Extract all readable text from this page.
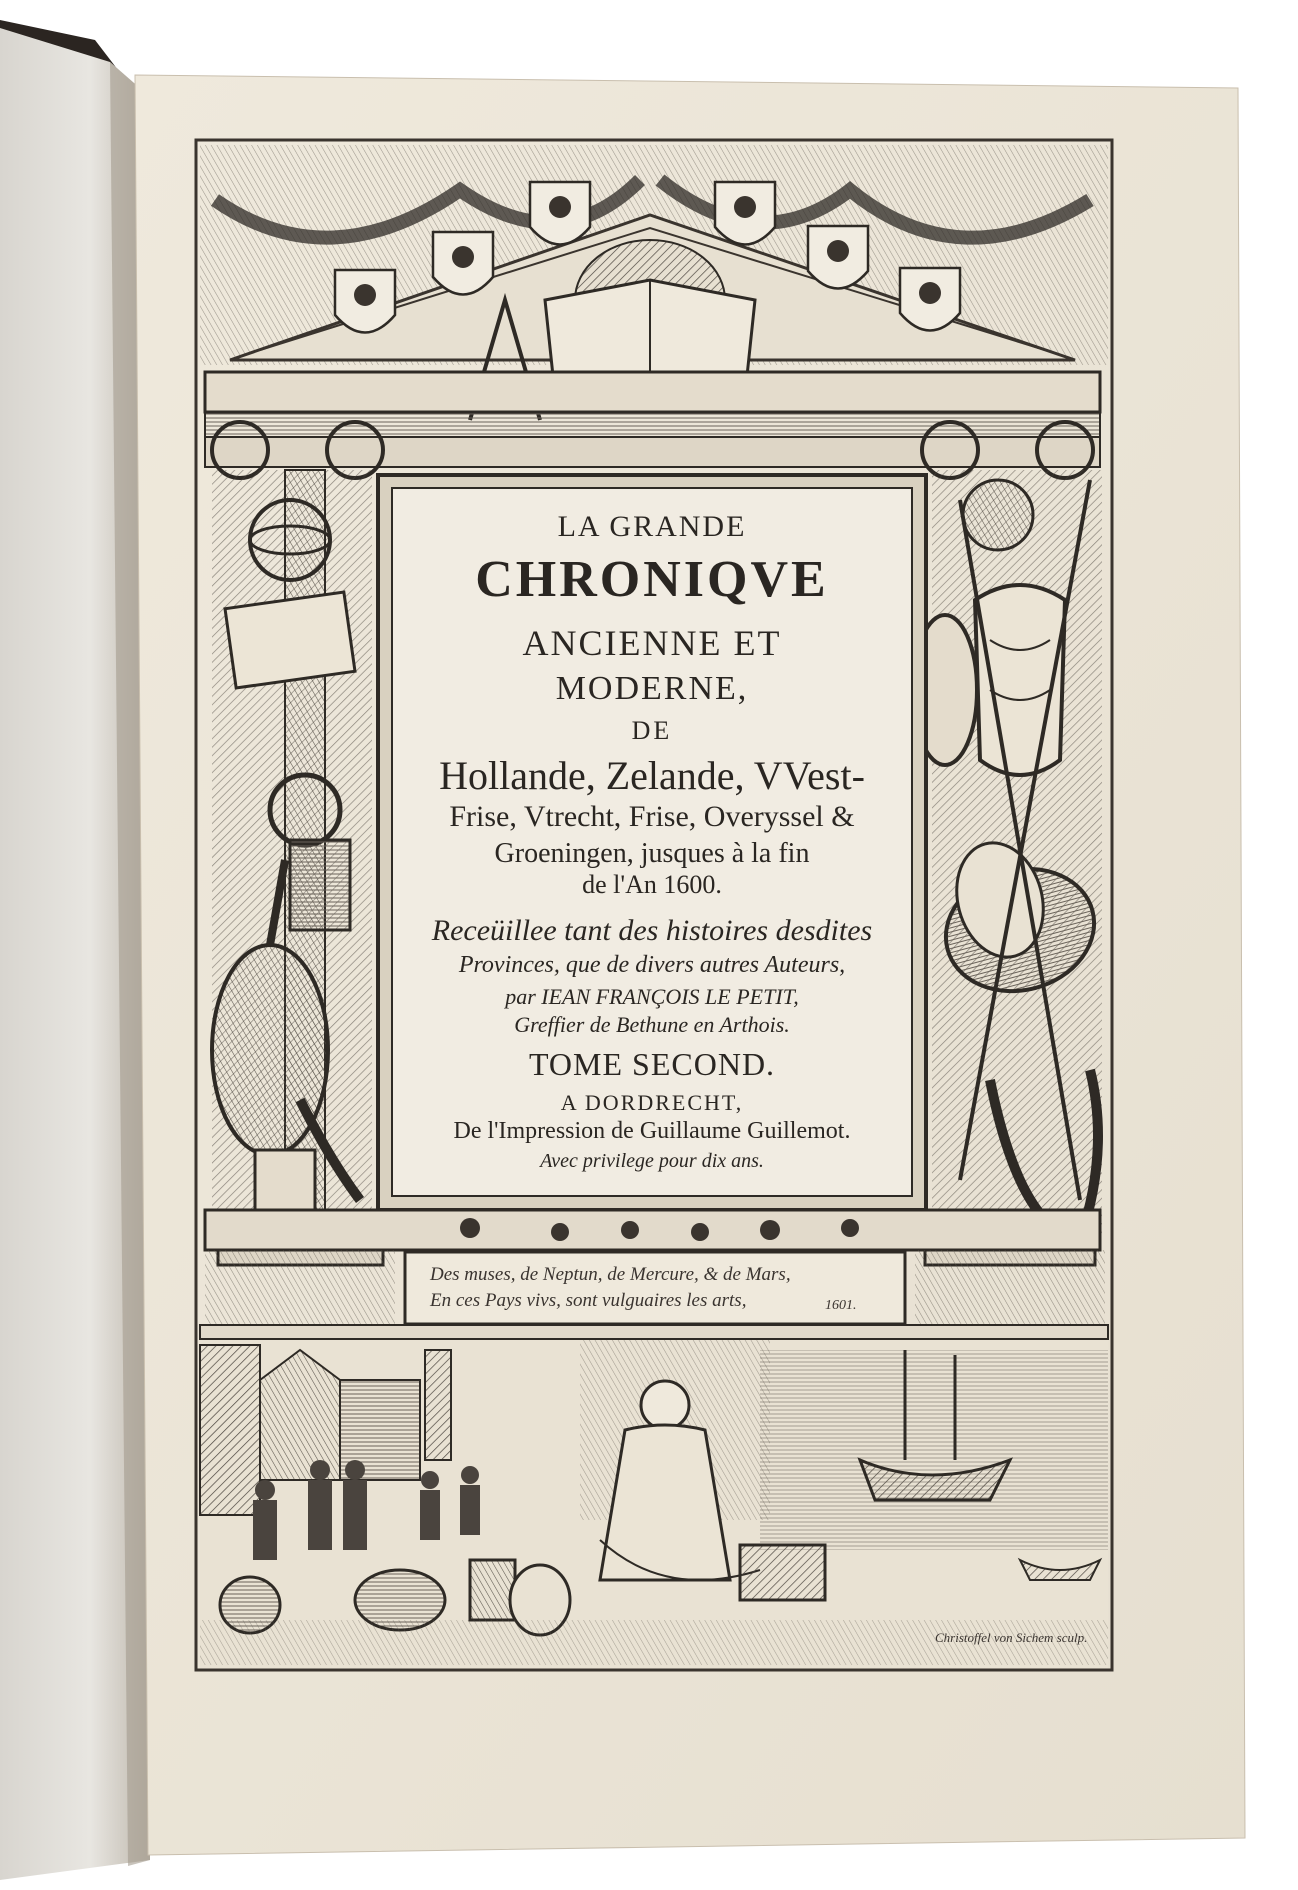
LA GRANDE
CHRONIQVE
ANCIENNE ET
MODERNE,
DE
Hollande, Zelande, VVest-
Frise, Vtrecht, Frise, Overyssel &
Groeningen, jusques à la fin
de l'An 1600.
Receüillee tant des histoires desdites
Provinces, que de divers autres Auteurs,
par IEAN FRANÇOIS LE PETIT,
Greffier de Bethune en Arthois.
TOME SECOND.
A DORDRECHT,
De l'Impression de Guillaume Guillemot.
Avec privilege pour dix ans.
Des muses, de Neptun, de Mercure, & de Mars,
En ces Pays vivs, sont vulguaires les arts,	1601.
Christoffel von Sichem sculp.
